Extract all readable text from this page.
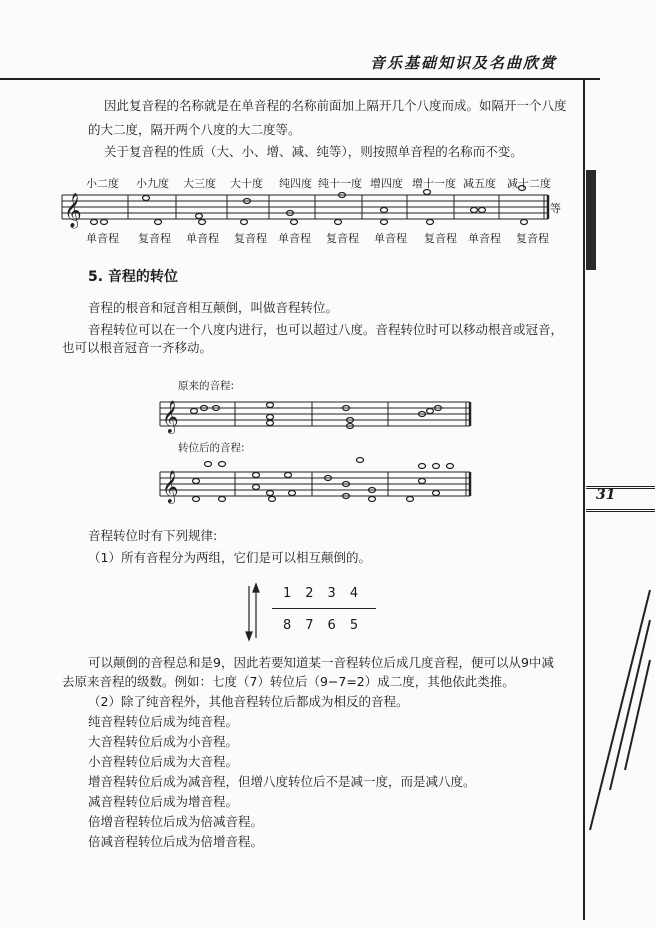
音乐基础知识及名曲欣赏
31
因此复音程的名称就是在单音程的名称前面加上隔开几个八度而成。如隔开一个八度
的大二度，隔开两个八度的大二度等。
关于复音程的性质（大、小、增、减、纯等），则按照单音程的名称而不变。
小二度 小九度 大三度 大十度 纯四度 纯十一度 增四度 增十一度 减五度 减十二度
𝄞	等
单音程 复音程 单音程 复音程 单音程 复音程 单音程 复音程 单音程 复音程
5. 音程的转位
音程的根音和冠音相互颠倒，叫做音程转位。
音程转位可以在一个八度内进行，也可以超过八度。音程转位时可以移动根音或冠音，
也可以根音冠音一齐移动。
原来的音程:
𝄞
转位后的音程:
𝄞
音程转位时有下列规律:
（1）所有音程分为两组，它们是可以相互颠倒的。
1234
8765
可以颠倒的音程总和是9，因此若要知道某一音程转位后成几度音程，便可以从9中减
去原来音程的级数。例如：七度（7）转位后（9−7=2）成二度，其他依此类推。
（2）除了纯音程外，其他音程转位后都成为相反的音程。
纯音程转位后成为纯音程。
大音程转位后成为小音程。
小音程转位后成为大音程。
增音程转位后成为减音程，但增八度转位后不是减一度，而是减八度。
减音程转位后成为增音程。
倍增音程转位后成为倍减音程。
倍减音程转位后成为倍增音程。
